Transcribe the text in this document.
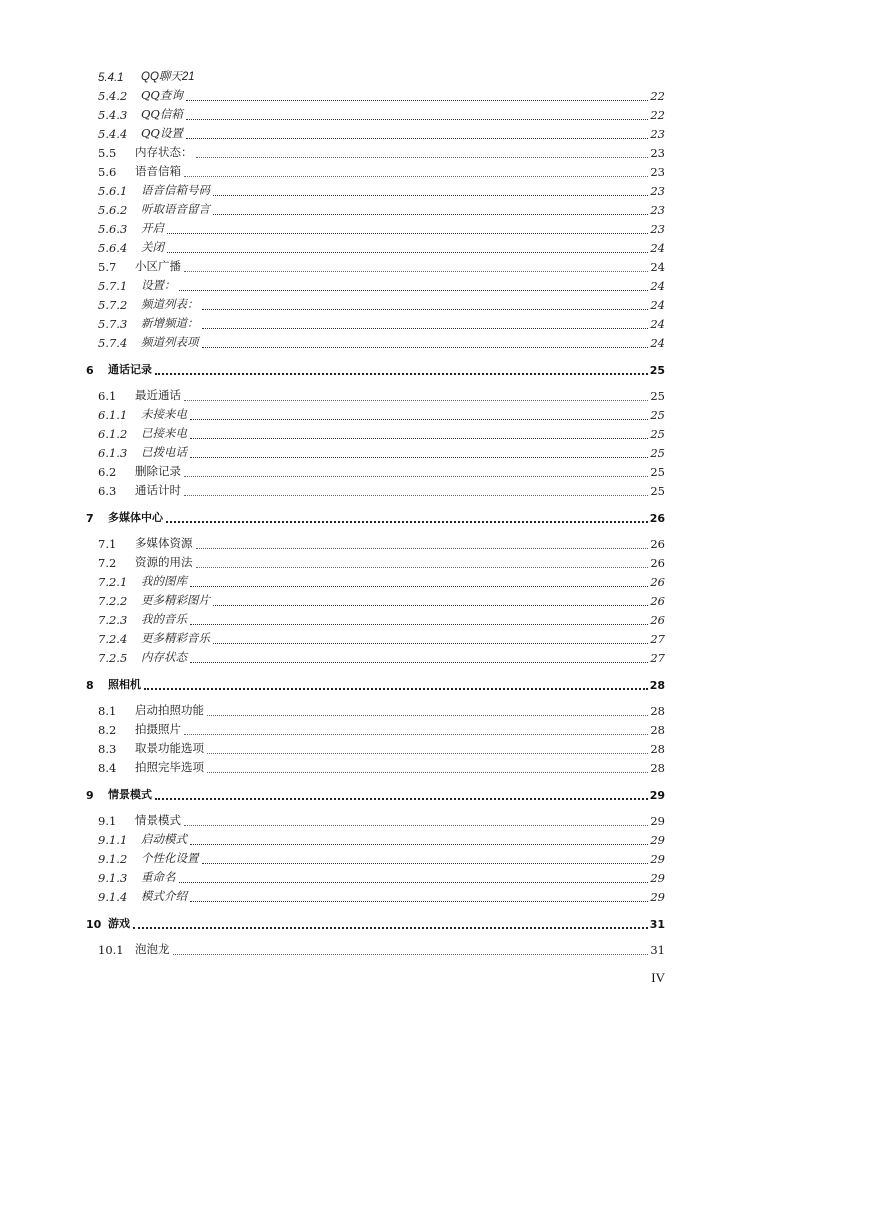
5.4.1 QQ聊天21
5.4.2 QQ查询	22
5.4.3 QQ信箱	22
5.4.4 QQ设置	23
5.5 内存状态：	23
5.6 语音信箱	23
5.6.1 语音信箱号码	23
5.6.2 听取语音留言	23
5.6.3 开启	23
5.6.4 关闭	24
5.7 小区广播	24
5.7.1 设置：	24
5.7.2 频道列表：	24
5.7.3 新增频道：	24
5.7.4 频道列表项	24
6 通话记录	25
6.1 最近通话	25
6.1.1 未接来电	25
6.1.2 已接来电	25
6.1.3 已拨电话	25
6.2 删除记录	25
6.3 通话计时	25
7 多媒体中心	26
7.1 多媒体资源	26
7.2 资源的用法	26
7.2.1 我的图库	26
7.2.2 更多精彩图片	26
7.2.3 我的音乐	26
7.2.4 更多精彩音乐	27
7.2.5 内存状态	27
8 照相机	28
8.1 启动拍照功能	28
8.2 拍摄照片	28
8.3 取景功能选项	28
8.4 拍照完毕选项	28
9 情景模式	29
9.1 情景模式	29
9.1.1 启动模式	29
9.1.2 个性化设置	29
9.1.3 重命名	29
9.1.4 模式介绍	29
10 游戏	31
10.1 泡泡龙	31
IV
